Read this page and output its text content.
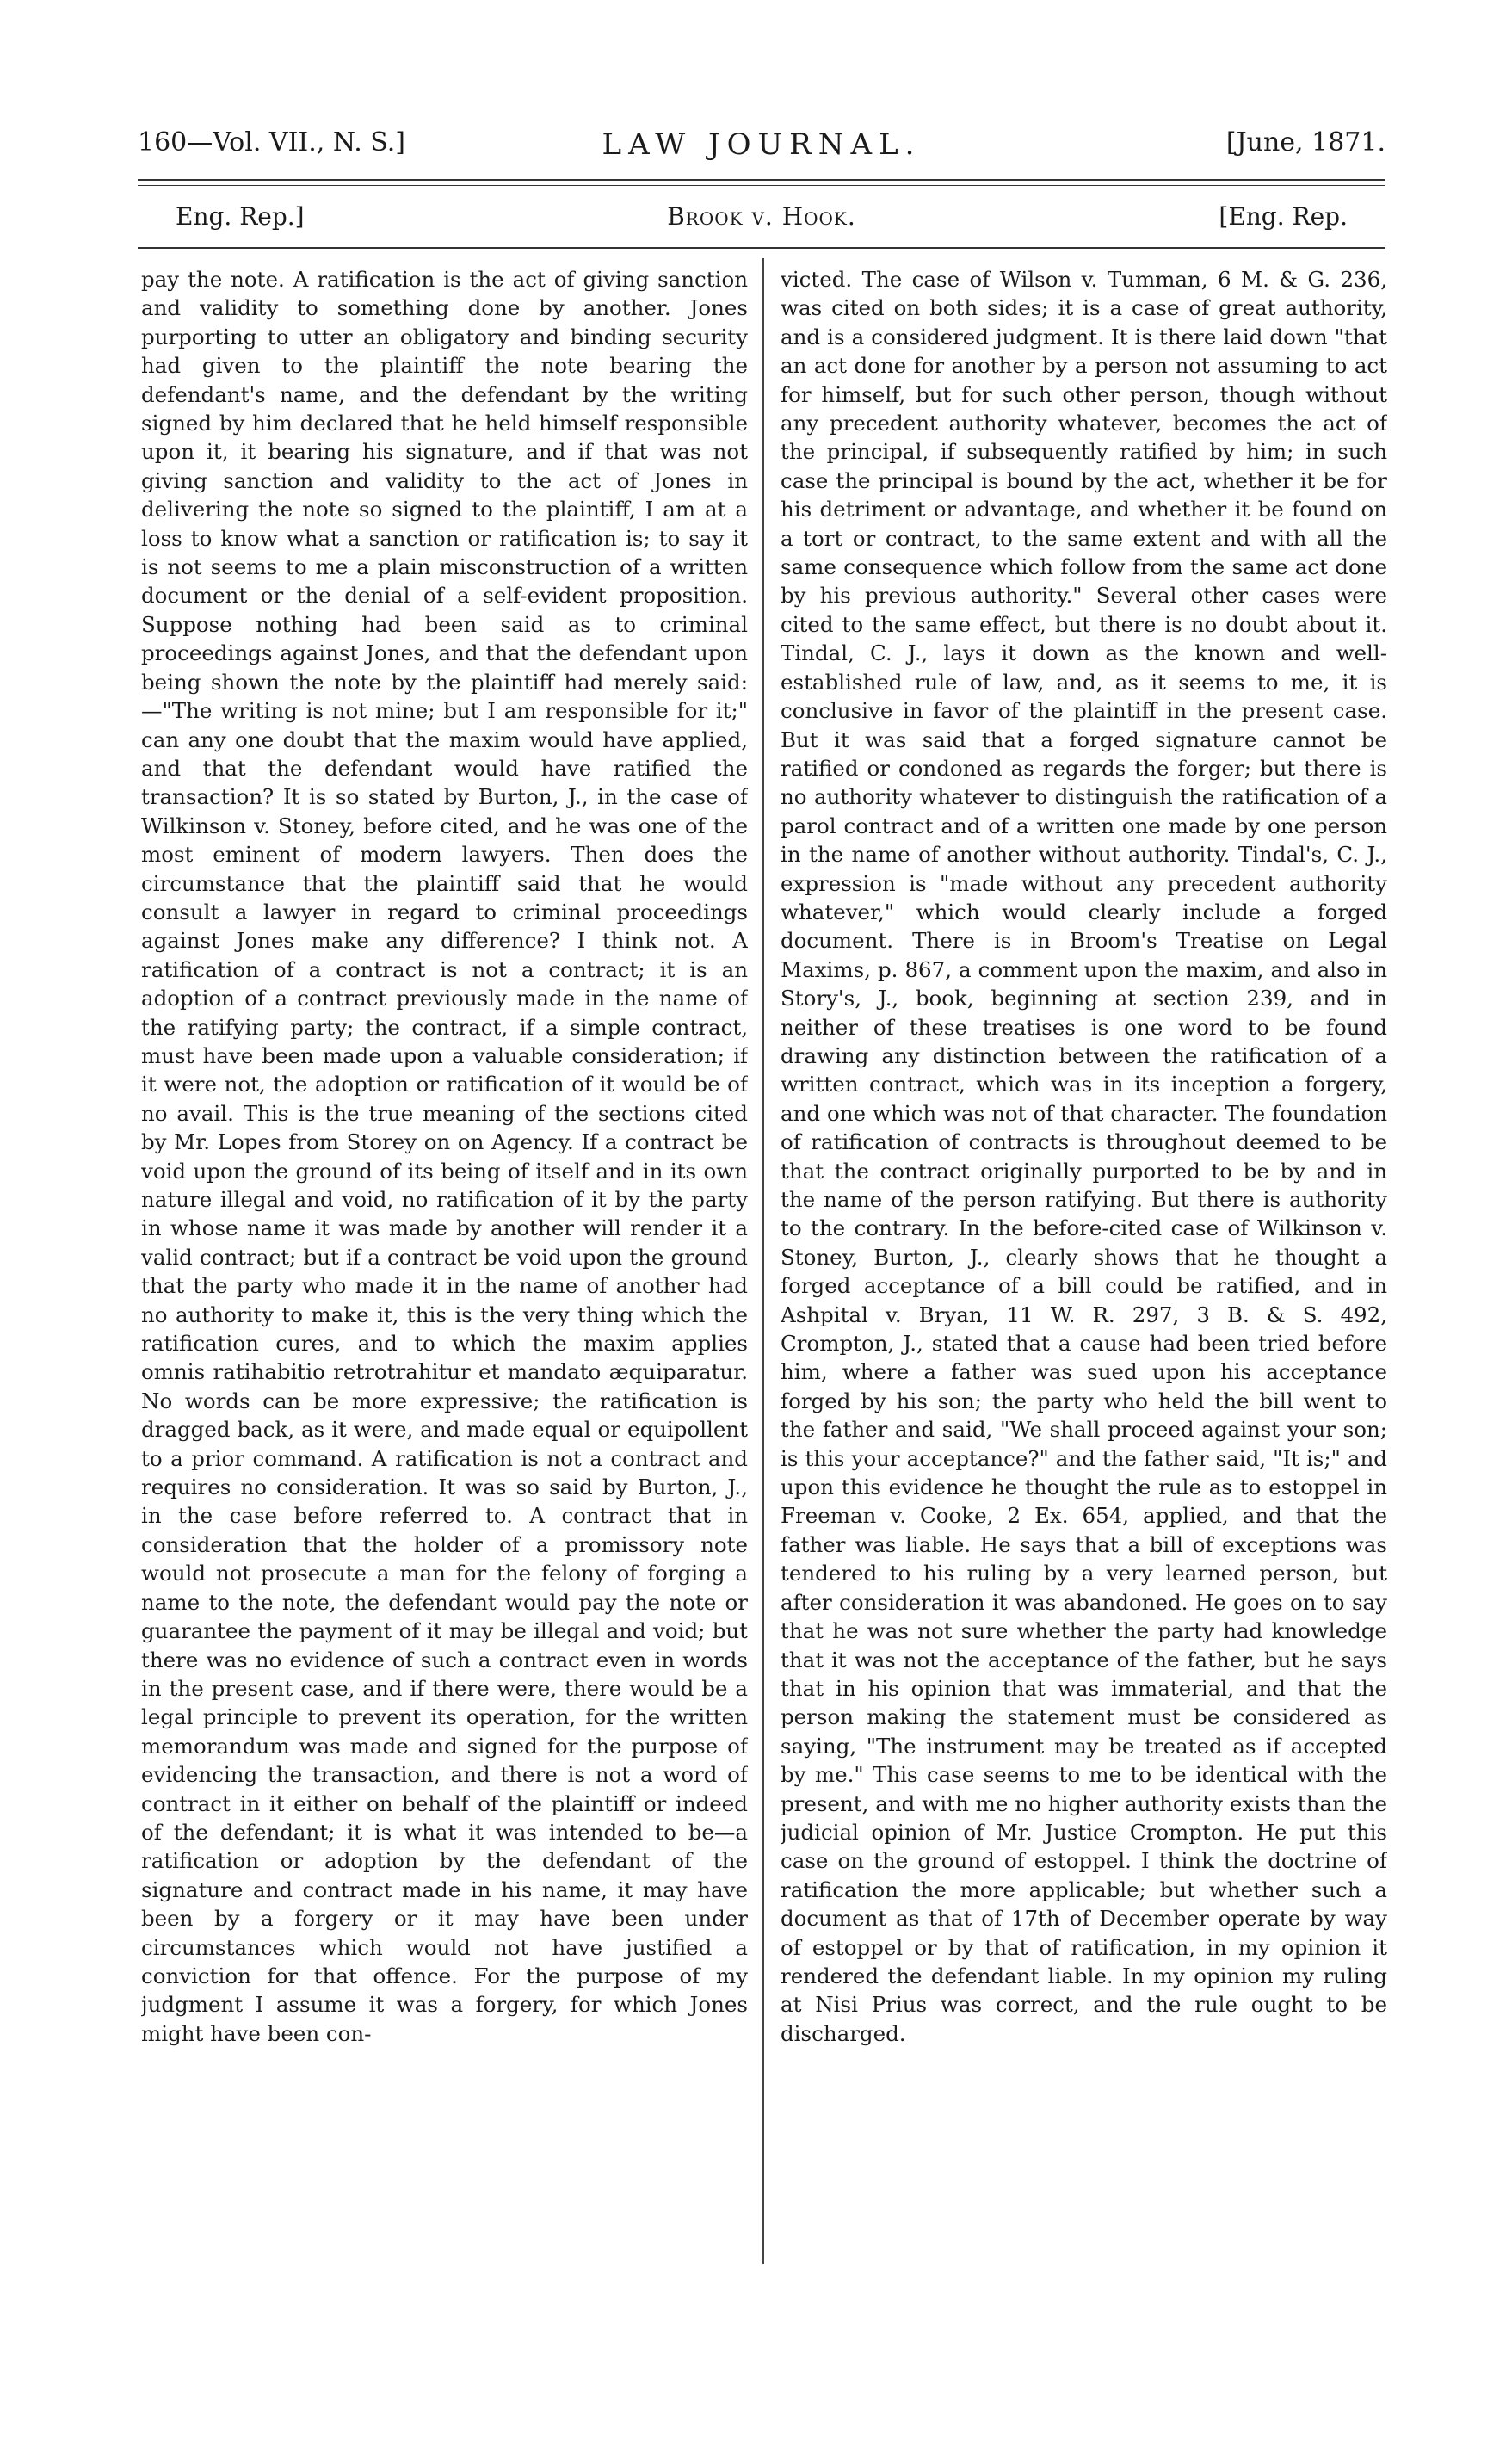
160—Vol. VII., N. S.]	LAW JOURNAL.	[June, 1871.
Eng. Rep.]	Brook v. Hook.	[Eng. Rep.

pay the note. A ratification is the act of giving sanction and validity to something done by another. Jones purporting to utter an obligatory and binding security had given to the plaintiff the note bearing the defendant's name, and the defendant by the writing signed by him declared that he held himself responsible upon it, it bearing his signature, and if that was not giving sanction and validity to the act of Jones in delivering the note so signed to the plaintiff, I am at a loss to know what a sanction or ratification is; to say it is not seems to me a plain misconstruction of a written document or the denial of a self-evident proposition. Suppose nothing had been said as to criminal proceedings against Jones, and that the defendant upon being shown the note by the plaintiff had merely said:—"The writing is not mine; but I am responsible for it;" can any one doubt that the maxim would have applied, and that the defendant would have ratified the transaction? It is so stated by Burton, J., in the case of Wilkinson v. Stoney, before cited, and he was one of the most eminent of modern lawyers. Then does the circumstance that the plaintiff said that he would consult a lawyer in regard to criminal proceedings against Jones make any difference? I think not. A ratification of a contract is not a contract; it is an adoption of a contract previously made in the name of the ratifying party; the contract, if a simple contract, must have been made upon a valuable consideration; if it were not, the adoption or ratification of it would be of no avail. This is the true meaning of the sections cited by Mr. Lopes from Storey on on Agency. If a contract be void upon the ground of its being of itself and in its own nature illegal and void, no ratification of it by the party in whose name it was made by another will render it a valid contract; but if a contract be void upon the ground that the party who made it in the name of another had no authority to make it, this is the very thing which the ratification cures, and to which the maxim applies omnis ratihabitio retrotrahitur et mandato æquiparatur. No words can be more expressive; the ratification is dragged back, as it were, and made equal or equipollent to a prior command. A ratification is not a contract and requires no consideration. It was so said by Burton, J., in the case before referred to. A contract that in consideration that the holder of a promissory note would not prosecute a man for the felony of forging a name to the note, the defendant would pay the note or guarantee the payment of it may be illegal and void; but there was no evidence of such a contract even in words in the present case, and if there were, there would be a legal principle to prevent its operation, for the written memorandum was made and signed for the purpose of evidencing the transaction, and there is not a word of contract in it either on behalf of the plaintiff or indeed of the defendant; it is what it was intended to be—a ratification or adoption by the defendant of the signature and contract made in his name, it may have been by a forgery or it may have been under circumstances which would not have justified a conviction for that offence. For the purpose of my judgment I assume it was a forgery, for which Jones might have been con-

victed. The case of Wilson v. Tumman, 6 M. & G. 236, was cited on both sides; it is a case of great authority, and is a considered judgment. It is there laid down "that an act done for another by a person not assuming to act for himself, but for such other person, though without any precedent authority whatever, becomes the act of the principal, if subsequently ratified by him; in such case the principal is bound by the act, whether it be for his detriment or advantage, and whether it be found on a tort or contract, to the same extent and with all the same consequence which follow from the same act done by his previous authority." Several other cases were cited to the same effect, but there is no doubt about it. Tindal, C. J., lays it down as the known and well-established rule of law, and, as it seems to me, it is conclusive in favor of the plaintiff in the present case. But it was said that a forged signature cannot be ratified or condoned as regards the forger; but there is no authority whatever to distinguish the ratification of a parol contract and of a written one made by one person in the name of another without authority. Tindal's, C. J., expression is "made without any precedent authority whatever," which would clearly include a forged document. There is in Broom's Treatise on Legal Maxims, p. 867, a comment upon the maxim, and also in Story's, J., book, beginning at section 239, and in neither of these treatises is one word to be found drawing any distinction between the ratification of a written contract, which was in its inception a forgery, and one which was not of that character. The foundation of ratification of contracts is throughout deemed to be that the contract originally purported to be by and in the name of the person ratifying. But there is authority to the contrary. In the before-cited case of Wilkinson v. Stoney, Burton, J., clearly shows that he thought a forged acceptance of a bill could be ratified, and in Ashpital v. Bryan, 11 W. R. 297, 3 B. & S. 492, Crompton, J., stated that a cause had been tried before him, where a father was sued upon his acceptance forged by his son; the party who held the bill went to the father and said, "We shall proceed against your son; is this your acceptance?" and the father said, "It is;" and upon this evidence he thought the rule as to estoppel in Freeman v. Cooke, 2 Ex. 654, applied, and that the father was liable. He says that a bill of exceptions was tendered to his ruling by a very learned person, but after consideration it was abandoned. He goes on to say that he was not sure whether the party had knowledge that it was not the acceptance of the father, but he says that in his opinion that was immaterial, and that the person making the statement must be considered as saying, "The instrument may be treated as if accepted by me." This case seems to me to be identical with the present, and with me no higher authority exists than the judicial opinion of Mr. Justice Crompton. He put this case on the ground of estoppel. I think the doctrine of ratification the more applicable; but whether such a document as that of 17th of December operate by way of estoppel or by that of ratification, in my opinion it rendered the defendant liable. In my opinion my ruling at Nisi Prius was correct, and the rule ought to be discharged.
